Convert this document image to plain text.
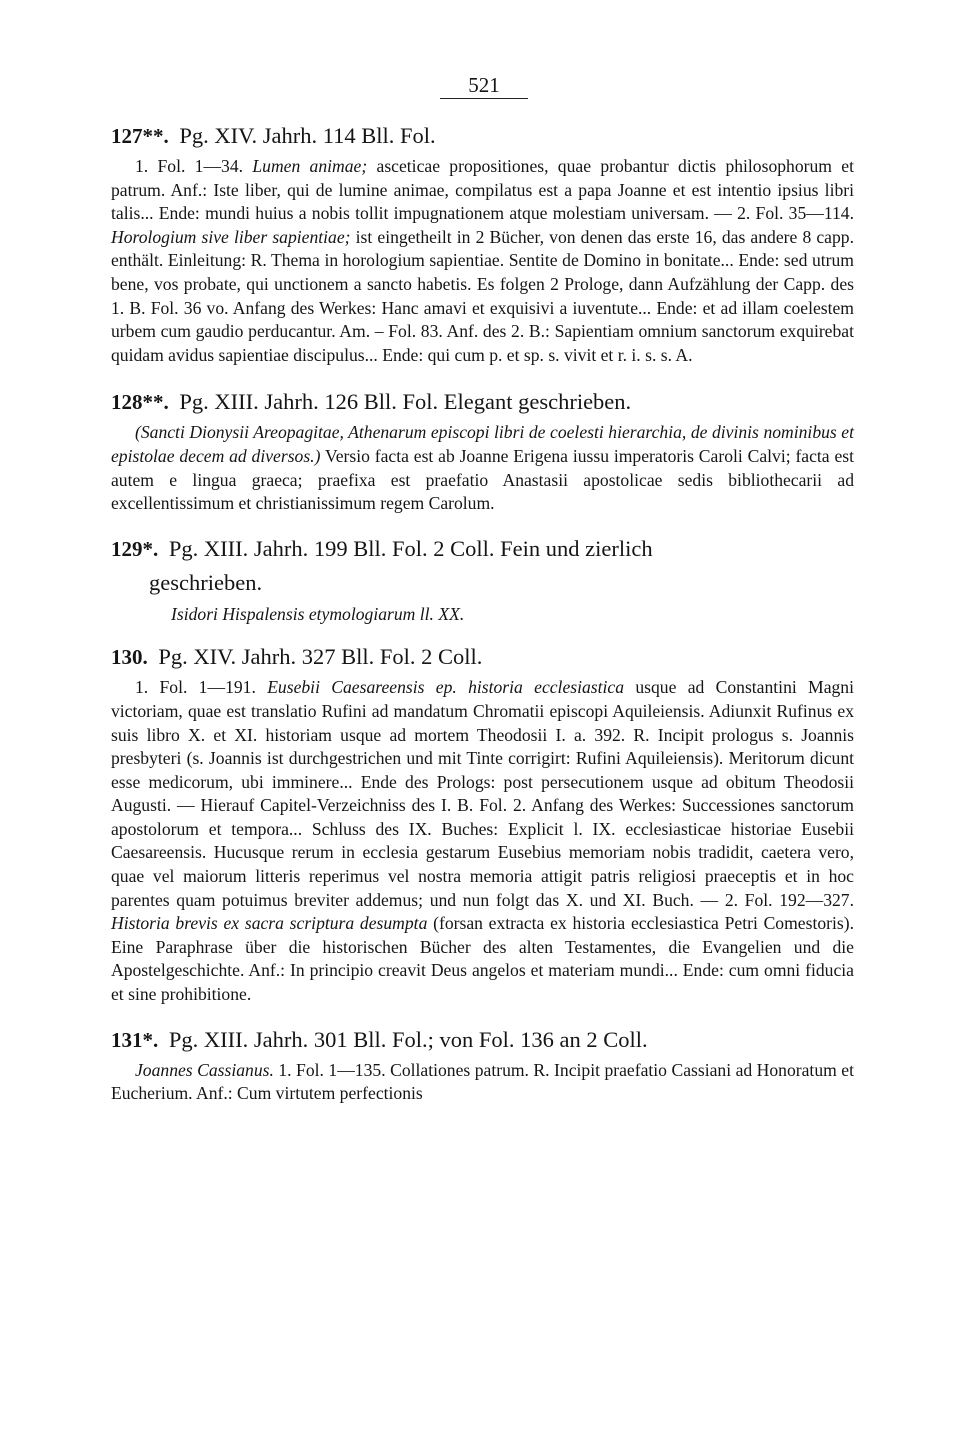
521
127**. Pg. XIV. Jahrh. 114 Bll. Fol.

1. Fol. 1—34. Lumen animae; asceticae propositiones, quae probantur dictis philosophorum et patrum. Anf.: Iste liber, qui de lumine animae, compilatus est a papa Joanne et est intentio ipsius libri talis... Ende: mundi huius a nobis tollit impugnationem atque molestiam universam. — 2. Fol. 35—114. Horologium sive liber sapientiae; ist eingetheilt in 2 Bücher, von denen das erste 16, das andere 8 capp. enthält. Einleitung: R. Thema in horologium sapientiae. Sentite de Domino in bonitate... Ende: sed utrum bene, vos probate, qui unctionem a sancto habetis. Es folgen 2 Prologe, dann Aufzählung der Capp. des 1. B. Fol. 36 vo. Anfang des Werkes: Hanc amavi et exquisivi a iuventute... Ende: et ad illam coelestem urbem cum gaudio perducantur. Am. – Fol. 83. Anf. des 2. B.: Sapientiam omnium sanctorum exquirebat quidam avidus sapientiae discipulus... Ende: qui cum p. et sp. s. vivit et r. i. s. s. A.

128**. Pg. XIII. Jahrh. 126 Bll. Fol. Elegant geschrieben.

(Sancti Dionysii Areopagitae, Athenarum episcopi libri de coelesti hierarchia, de divinis nominibus et epistolae decem ad diversos.) Versio facta est ab Joanne Erigena iussu imperatoris Caroli Calvi; facta est autem e lingua graeca; praefixa est praefatio Anastasii apostolicae sedis bibliothecarii ad excellentissimum et christianissimum regem Carolum.

129*. Pg. XIII. Jahrh. 199 Bll. Fol. 2 Coll. Fein und zierlich
geschrieben.

Isidori Hispalensis etymologiarum ll. XX.

130. Pg. XIV. Jahrh. 327 Bll. Fol. 2 Coll.

1. Fol. 1—191. Eusebii Caesareensis ep. historia ecclesiastica usque ad Constantini Magni victoriam, quae est translatio Rufini ad mandatum Chromatii episcopi Aquileiensis. Adiunxit Rufinus ex suis libro X. et XI. historiam usque ad mortem Theodosii I. a. 392. R. Incipit prologus s. Joannis presbyteri (s. Joannis ist durchgestrichen und mit Tinte corrigirt: Rufini Aquileiensis). Meritorum dicunt esse medicorum, ubi imminere... Ende des Prologs: post persecutionem usque ad obitum Theodosii Augusti. — Hierauf Capitel-Verzeichniss des I. B. Fol. 2. Anfang des Werkes: Successiones sanctorum apostolorum et tempora... Schluss des IX. Buches: Explicit l. IX. ecclesiasticae historiae Eusebii Caesareensis. Hucusque rerum in ecclesia gestarum Eusebius memoriam nobis tradidit, caetera vero, quae vel maiorum litteris reperimus vel nostra memoria attigit patris religiosi praeceptis et in hoc parentes quam potuimus breviter addemus; und nun folgt das X. und XI. Buch. — 2. Fol. 192—327. Historia brevis ex sacra scriptura desumpta (forsan extracta ex historia ecclesiastica Petri Comestoris). Eine Paraphrase über die historischen Bücher des alten Testamentes, die Evangelien und die Apostelgeschichte. Anf.: In principio creavit Deus angelos et materiam mundi... Ende: cum omni fiducia et sine prohibitione.

131*. Pg. XIII. Jahrh. 301 Bll. Fol.; von Fol. 136 an 2 Coll.

Joannes Cassianus. 1. Fol. 1—135. Collationes patrum. R. Incipit praefatio Cassiani ad Honoratum et Eucherium. Anf.: Cum virtutem perfectionis
